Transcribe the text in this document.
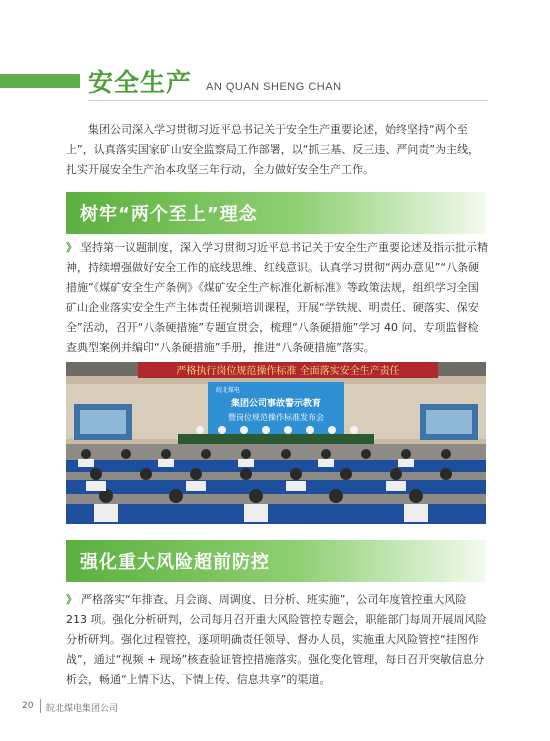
安全生产 AN QUAN SHENG CHAN

集团公司深入学习贯彻习近平总书记关于安全生产重要论述，始终坚持“两个至上”，认真落实国家矿山安全监察局工作部署，以“抓三基、反三违、严问责”为主线，扎实开展安全生产治本攻坚三年行动，全力做好安全生产工作。

树牢“两个至上”理念

》 坚持第一议题制度，深入学习贯彻习近平总书记关于安全生产重要论述及指示批示精神，持续增强做好安全工作的底线思维、红线意识。认真学习贯彻“两办意见”“八条硬措施”《煤矿安全生产条例》《煤矿安全生产标准化新标准》等政策法规，组织学习全国矿山企业落实安全生产主体责任视频培训课程，开展“学铁规、明责任、硬落实、保安全”活动，召开“八条硬措施”专题宣贯会，梳理“八条硬措施”学习 40 问、专项监督检查典型案例并编印“八条硬措施”手册，推进“八条硬措施”落实。

严格执行岗位规范操作标准 全面落实安全生产责任
皖北煤电
集团公司事故警示教育
暨岗位规范操作标准发布会
强化重大风险超前防控

》 严格落实“年排查、月会商、周调度、日分析、班实施”，公司年度管控重大风险 213 项。强化分析研判，公司每月召开重大风险管控专题会，职能部门每周开展周风险分析研判。强化过程管控，逐项明确责任领导、督办人员，实施重大风险管控“挂图作战”，通过“视频 + 现场”核查验证管控措施落实。强化变化管理，每日召开突敏信息分析会，畅通“上情下达、下情上传、信息共享”的渠道。

20 皖北煤电集团公司
